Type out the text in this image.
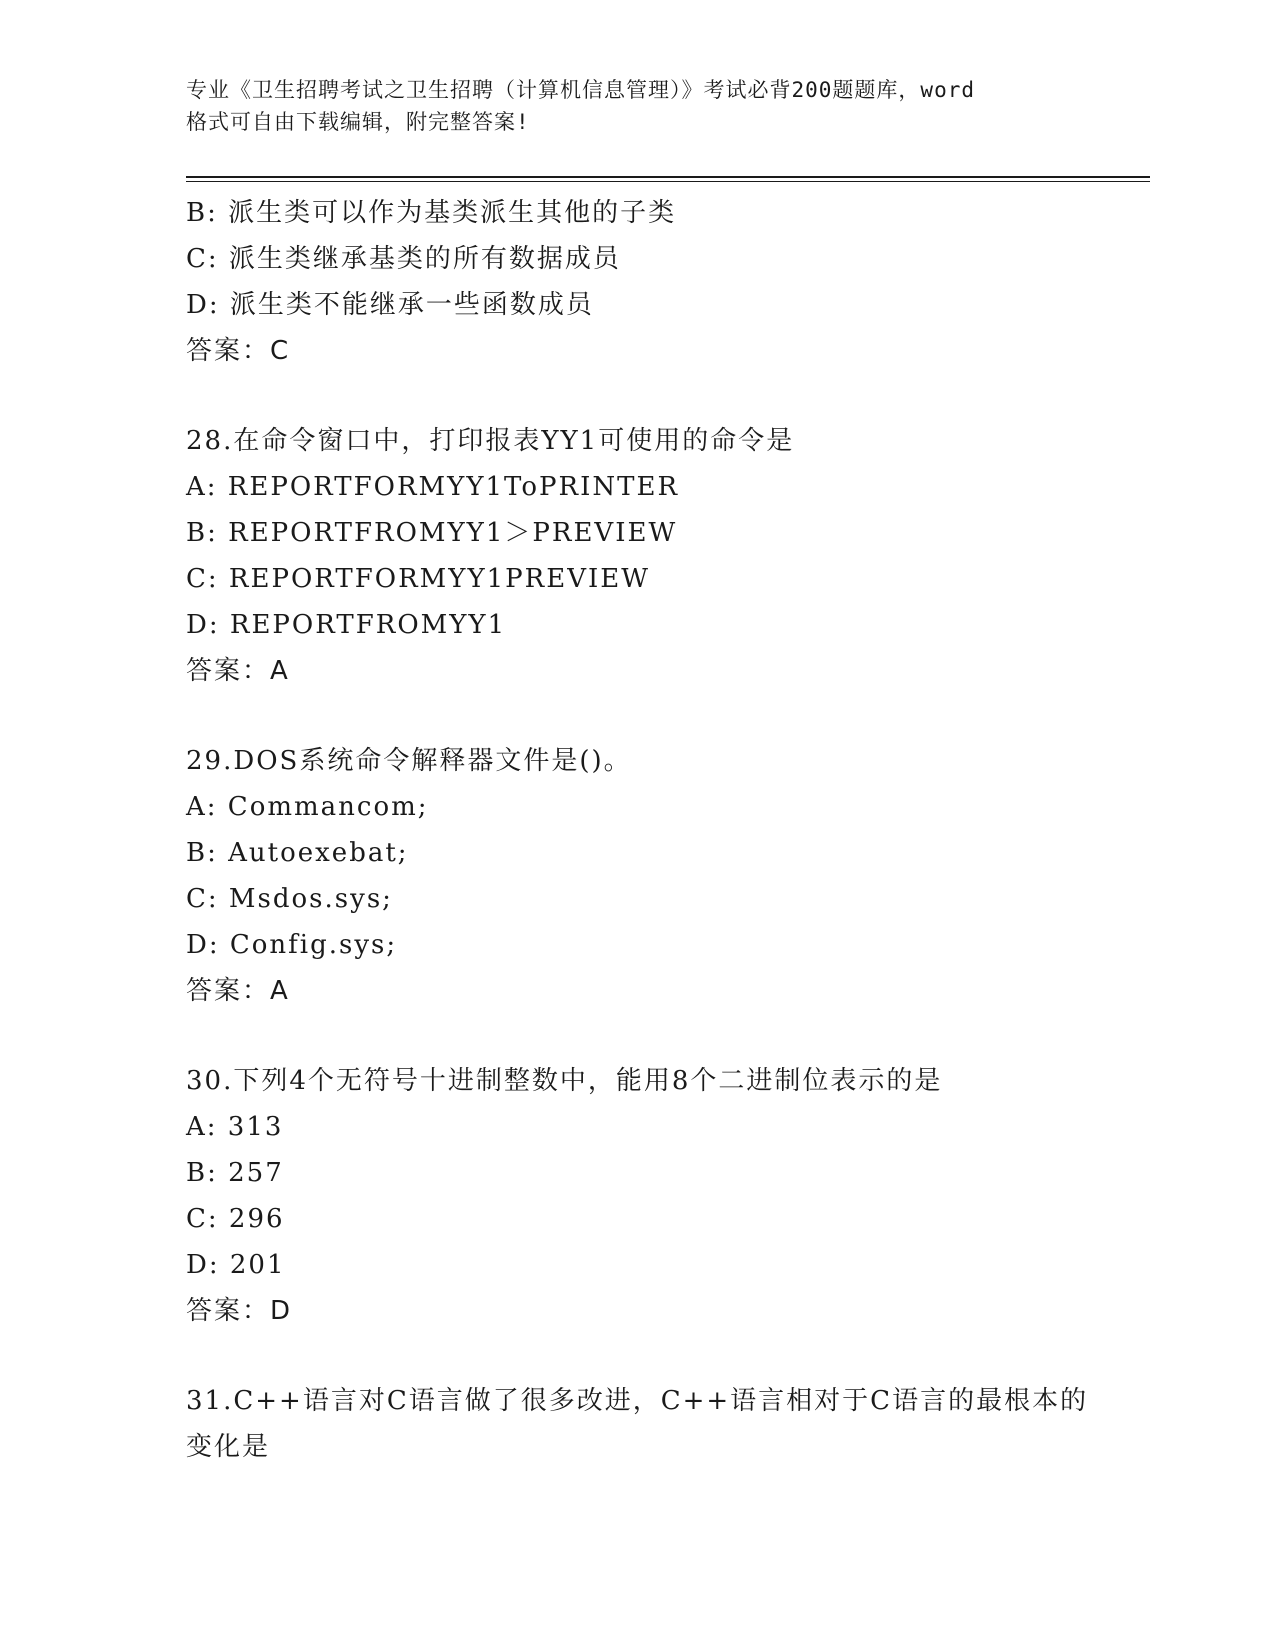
专业《卫生招聘考试之卫生招聘（计算机信息管理）》考试必背200题题库，word
格式可自由下载编辑，附完整答案!
B: 派生类可以作为基类派生其他的子类
C: 派生类继承基类的所有数据成员
D: 派生类不能继承一些函数成员
答案：C
28.在命令窗口中，打印报表YY1可使用的命令是
A: REPORTFORMYY1ToPRINTER
B: REPORTFROMYY1＞PREVIEW
C: REPORTFORMYY1PREVIEW
D: REPORTFROMYY1
答案：A
29.DOS系统命令解释器文件是()。
A: Commancom;
B: Autoexebat;
C: Msdos.sys;
D: Config.sys;
答案：A
30.下列4个无符号十进制整数中，能用8个二进制位表示的是
A: 313
B: 257
C: 296
D: 201
答案：D
31.C++语言对C语言做了很多改进，C++语言相对于C语言的最根本的
变化是
